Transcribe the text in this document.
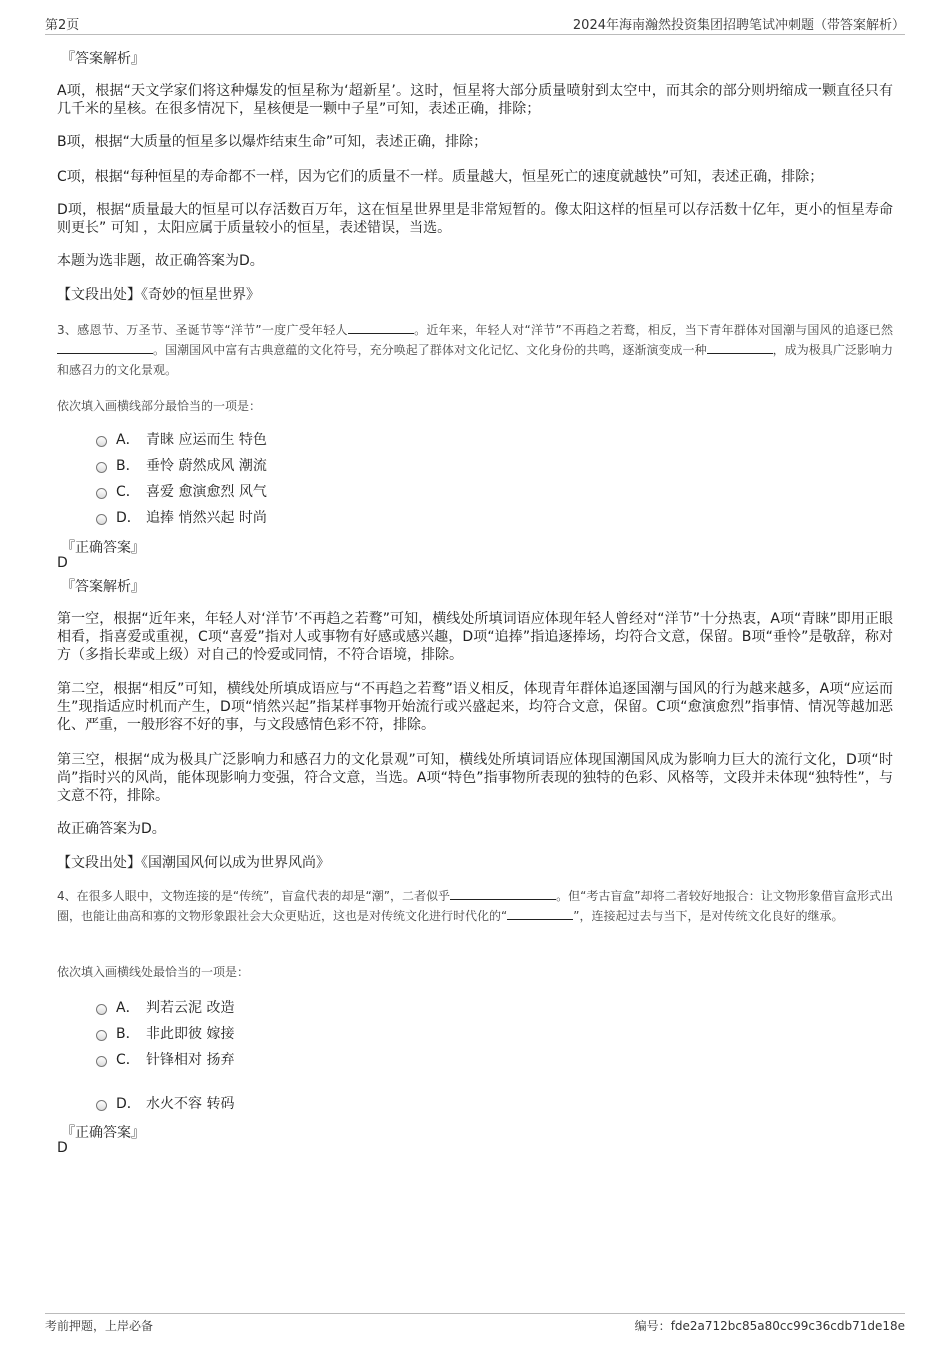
第2页	2024年海南瀚然投资集团招聘笔试冲刺题（带答案解析）
『答案解析』
A项，根据“天文学家们将这种爆发的恒星称为‘超新星’。这时，恒星将大部分质量喷射到太空中，而其余的部分则坍缩成一颗直径只有几千米的星核。在很多情况下，星核便是一颗中子星”可知，表述正确，排除；
B项，根据“大质量的恒星多以爆炸结束生命”可知，表述正确，排除；
C项，根据“每种恒星的寿命都不一样，因为它们的质量不一样。质量越大，恒星死亡的速度就越快”可知，表述正确，排除；
D项，根据“质量最大的恒星可以存活数百万年，这在恒星世界里是非常短暂的。像太阳这样的恒星可以存活数十亿年，更小的恒星寿命则更长” 可知 ，太阳应属于质量较小的恒星，表述错误，当选。
本题为选非题，故正确答案为D。
【文段出处】《奇妙的恒星世界》
3、感恩节、万圣节、圣诞节等“洋节”一度广受年轻人	。近年来，年轻人对“洋节”不再趋之若鹜，相反，当下青年群体对国潮与国风的追逐已然。国潮国风中富有古典意蕴的文化符号，充分唤起了群体对文化记忆、文化身份的共鸣，逐渐演变成一种	，成为极具广泛影响力和感召力的文化景观。
依次填入画横线部分最恰当的一项是：
A． 青睐 应运而生 特色
B． 垂怜 蔚然成风 潮流
C． 喜爱 愈演愈烈 风气
D． 追捧 悄然兴起 时尚
『正确答案』
D
『答案解析』
第一空，根据“近年来，年轻人对‘洋节’不再趋之若鹜”可知，横线处所填词语应体现年轻人曾经对“洋节”十分热衷，A项“青睐”即用正眼相看，指喜爱或重视，C项“喜爱”指对人或事物有好感或感兴趣，D项“追捧”指追逐捧场，均符合文意，保留。B项“垂怜”是敬辞，称对方（多指长辈或上级）对自己的怜爱或同情，不符合语境，排除。
第二空，根据“相反”可知，横线处所填成语应与“不再趋之若鹜”语义相反，体现青年群体追逐国潮与国风的行为越来越多，A项“应运而生”现指适应时机而产生，D项“悄然兴起”指某样事物开始流行或兴盛起来，均符合文意，保留。C项“愈演愈烈”指事情、情况等越加恶化、严重，一般形容不好的事，与文段感情色彩不符，排除。
第三空，根据“成为极具广泛影响力和感召力的文化景观”可知，横线处所填词语应体现国潮国风成为影响力巨大的流行文化，D项“时尚”指时兴的风尚，能体现影响力变强，符合文意，当选。A项“特色”指事物所表现的独特的色彩、风格等，文段并未体现“独特性”，与文意不符，排除。
故正确答案为D。
【文段出处】《国潮国风何以成为世界风尚》
4、在很多人眼中，文物连接的是“传统”，盲盒代表的却是“潮”，二者似乎	。但“考古盲盒”却将二者较好地报合：让文物形象借盲盒形式出圈，也能让曲高和寡的文物形象跟社会大众更贴近，这也是对传统文化进行时代化的“	”，连接起过去与当下，是对传统文化良好的继承。
依次填入画横线处最恰当的一项是：
A． 判若云泥 改造
B． 非此即彼 嫁接
C． 针锋相对 扬弃
D． 水火不容 转码
『正确答案』
D
考前押题，上岸必备	编号：fde2a712bc85a80cc99c36cdb71de18e
